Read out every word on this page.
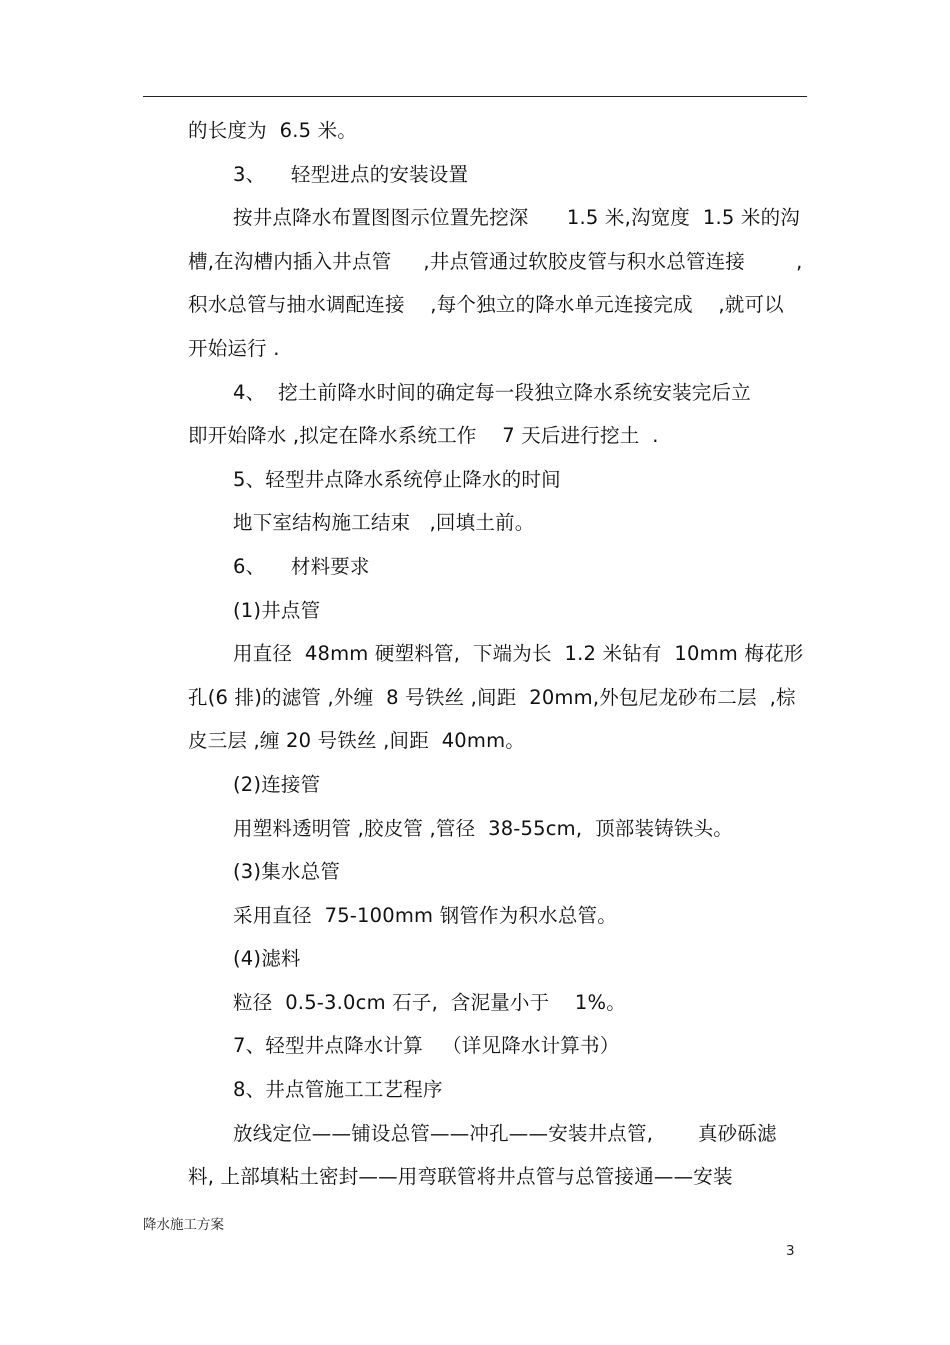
的长度为  6.5 米。
3、    轻型进点的安装设置
按井点降水布置图图示位置先挖深      1.5 米,沟宽度  1.5 米的沟
槽,在沟槽内插入井点管     ,井点管通过软胶皮管与积水总管连接        ,
积水总管与抽水调配连接    ,每个独立的降水单元连接完成    ,就可以
开始运行 .
4、  挖土前降水时间的确定每一段独立降水系统安装完后立
即开始降水 ,拟定在降水系统工作    7 天后进行挖土  .
5、轻型井点降水系统停止降水的时间
地下室结构施工结束   ,回填土前。
6、    材料要求
(1)井点管
用直径  48mm 硬塑料管,  下端为长  1.2 米钻有  10mm 梅花形
孔(6 排)的滤管 ,外缠  8 号铁丝 ,间距  20mm,外包尼龙砂布二层  ,棕
皮三层 ,缠 20 号铁丝 ,间距  40mm。
(2)连接管
用塑料透明管 ,胶皮管 ,管径  38-55cm,  顶部装铸铁头。
(3)集水总管
采用直径  75-100mm 钢管作为积水总管。
(4)滤料
粒径  0.5-3.0cm 石子,  含泥量小于    1%。
7、轻型井点降水计算   （详见降水计算书）
8、井点管施工工艺程序
放线定位——铺设总管——冲孔——安装井点管,       真砂砾滤
料, 上部填粘土密封——用弯联管将井点管与总管接通——安装
降水施工方案
3
